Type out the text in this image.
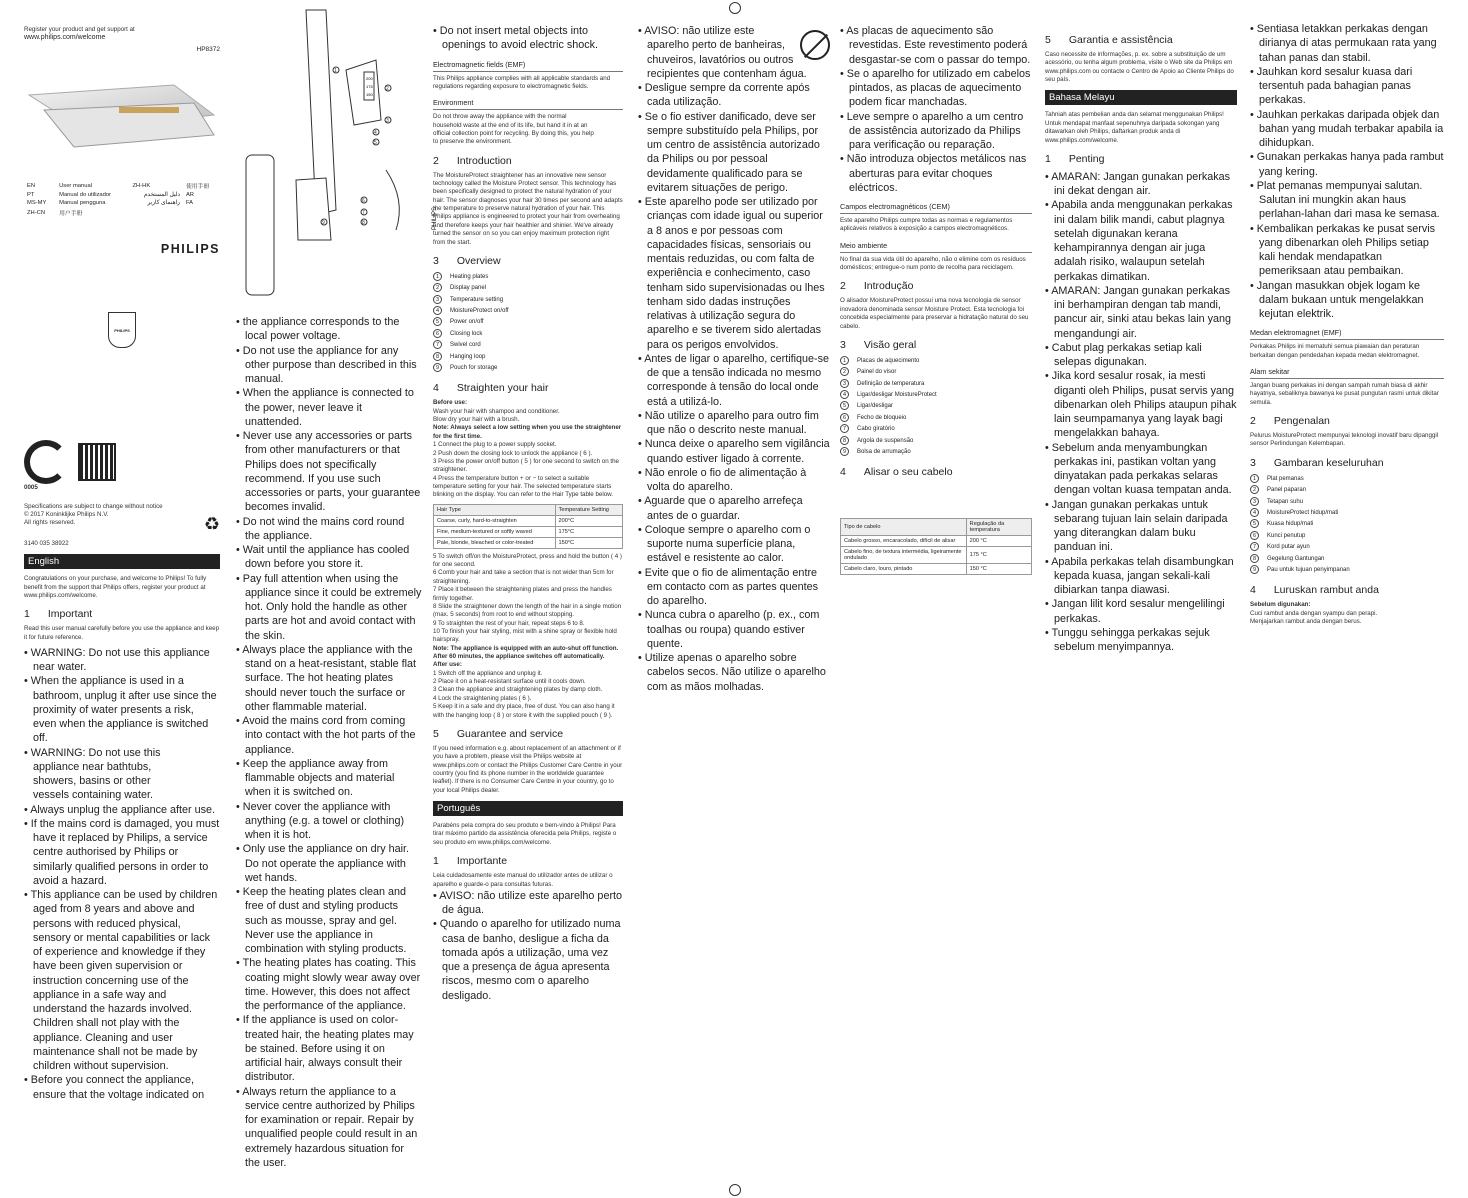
Register your product and get support at
www.philips.com/welcome
HP8372
EN	User manual	ZH-HK	使用手冊
PT	Manual do utilizador	دليل المستخدم	AR
MS-MY	Manual pengguna	راهنمای کاربر	FA
ZH-CN	用户手册		
PHILIPS
PHILIPS
0005
Specifications are subject to change without notice
© 2017 Koninklijke Philips N.V.
All rights reserved.	♻
3140 035 38922
English
Congratulations on your purchase, and welcome to Philips! To fully benefit from the support that Philips offers, register your product at www.philips.com/welcome.
1 Important
Read this user manual carefully before you use the appliance and keep it for future reference.
• WARNING: Do not use this appliance near water.
• When the appliance is used in a bathroom, unplug it after use since the proximity of water presents a risk, even when the appliance is switched off.
• WARNING: Do not use this appliance near bathtubs, showers, basins or other vessels containing water.
• Always unplug the appliance after use.
• If the mains cord is damaged, you must have it replaced by Philips, a service centre authorised by Philips or similarly qualified persons in order to avoid a hazard.
• This appliance can be used by children aged from 8 years and above and persons with reduced physical, sensory or mental capabilities or lack of experience and knowledge if they have been given supervision or instruction concerning use of the appliance in a safe way and understand the hazards involved. Children shall not play with the appliance. Cleaning and user maintenance shall not be made by children without supervision.
• Before you connect the appliance, ensure that the voltage indicated on
200
175
150
PHILIPS
1
2
3
4
5
6
7
8
9
• the appliance corresponds to the local power voltage.
• Do not use the appliance for any other purpose than described in this manual.
• When the appliance is connected to the power, never leave it unattended.
• Never use any accessories or parts from other manufacturers or that Philips does not specifically recommend. If you use such accessories or parts, your guarantee becomes invalid.
• Do not wind the mains cord round the appliance.
• Wait until the appliance has cooled down before you store it.
• Pay full attention when using the appliance since it could be extremely hot. Only hold the handle as other parts are hot and avoid contact with the skin.
• Always place the appliance with the stand on a heat-resistant, stable flat surface. The hot heating plates should never touch the surface or other flammable material.
• Avoid the mains cord from coming into contact with the hot parts of the appliance.
• Keep the appliance away from flammable objects and material when it is switched on.
• Never cover the appliance with anything (e.g. a towel or clothing) when it is hot.
• Only use the appliance on dry hair. Do not operate the appliance with wet hands.
• Keep the heating plates clean and free of dust and styling products such as mousse, spray and gel. Never use the appliance in combination with styling products.
• The heating plates has coating. This coating might slowly wear away over time. However, this does not affect the performance of the appliance.
• If the appliance is used on color-treated hair, the heating plates may be stained. Before using it on artificial hair, always consult their distributor.
• Always return the appliance to a service centre authorized by Philips for examination or repair. Repair by unqualified people could result in an extremely hazardous situation for the user.
• Do not insert metal objects into openings to avoid electric shock.
Electromagnetic fields (EMF)
This Philips appliance complies with all applicable standards and regulations regarding exposure to electromagnetic fields.
Environment
Do not throw away the appliance with the normal household waste at the end of its life, but hand it in at an official collection point for recycling. By doing this, you help to preserve the environment.
2 Introduction
The MoistureProtect straightener has an innovative new sensor technology called the Moisture Protect sensor. This technology has been specifically designed to protect the natural hydration of your hair. The sensor diagnoses your hair 30 times per second and adapts the temperature to preserve natural hydration of your hair. This Philips appliance is engineered to protect your hair from overheating and therefore keeps your hair healthier and shinier. We've already turned the sensor on so you can enjoy maximum protection right from the start.
3 Overview
1 Heating plates
2 Display panel
3 Temperature setting
4 MoistureProtect on/off
5 Power on/off
6 Closing lock
7 Swivel cord
8 Hanging loop
9 Pouch for storage
4 Straighten your hair
Before use:
Wash your hair with shampoo and conditioner.
Blow dry your hair with a brush.
Note: Always select a low setting when you use the straightener for the first time.
1 Connect the plug to a power supply socket.
2 Push down the closing lock to unlock the appliance ( 6 ).
3 Press the power on/off button ( 5 ) for one second to switch on the straightener.
4 Press the temperature button + or − to select a suitable temperature setting for your hair. The selected temperature starts blinking on the display. You can refer to the Hair Type table below.
Hair Type	Temperature Setting
Coarse, curly, hard-to-straighten	200°C
Fine, medium-textured or softly waved	175°C
Pale, blonde, bleached or color-treated	150°C
5 To switch off/on the MoistureProtect, press and hold the button ( 4 ) for one second.
6 Comb your hair and take a section that is not wider than 5cm for straightening.
7 Place it between the straightening plates and press the handles firmly together.
8 Slide the straightener down the length of the hair in a single motion (max. 5 seconds) from root to end without stopping.
9 To straighten the rest of your hair, repeat steps 6 to 8.
10 To finish your hair styling, mist with a shine spray or flexible hold hairspray.
Note: The appliance is equipped with an auto-shut off function. After 60 minutes, the appliance switches off automatically.
After use:
1 Switch off the appliance and unplug it.
2 Place it on a heat-resistant surface until it cools down.
3 Clean the appliance and straightening plates by damp cloth.
4 Lock the straightening plates ( 6 ).
5 Keep it in a safe and dry place, free of dust. You can also hang it with the hanging loop ( 8 ) or store it with the supplied pouch ( 9 ).
5 Guarantee and service
If you need information e.g. about replacement of an attachment or if you have a problem, please visit the Philips website at www.philips.com or contact the Philips Customer Care Centre in your country (you find its phone number in the worldwide guarantee leaflet). If there is no Consumer Care Centre in your country, go to your local Philips dealer.
Português
Parabéns pela compra do seu produto e bem-vindo à Philips! Para tirar máximo partido da assistência oferecida pela Philips, registe o seu produto em www.philips.com/welcome.
1 Importante
Leia cuidadosamente este manual do utilizador antes de utilizar o aparelho e guarde-o para consultas futuras.
• AVISO: não utilize este aparelho perto de água.
• Quando o aparelho for utilizado numa casa de banho, desligue a ficha da tomada após a utilização, uma vez que a presença de água apresenta riscos, mesmo com o aparelho desligado.
• AVISO: não utilize este aparelho perto de banheiras, chuveiros, lavatórios ou outros recipientes que contenham água.
• Desligue sempre da corrente após cada utilização.
• Se o fio estiver danificado, deve ser sempre substituído pela Philips, por um centro de assistência autorizado da Philips ou por pessoal devidamente qualificado para se evitarem situações de perigo.
• Este aparelho pode ser utilizado por crianças com idade igual ou superior a 8 anos e por pessoas com capacidades físicas, sensoriais ou mentais reduzidas, ou com falta de experiência e conhecimento, caso tenham sido supervisionadas ou lhes tenham sido dadas instruções relativas à utilização segura do aparelho e se tiverem sido alertadas para os perigos envolvidos.
• Antes de ligar o aparelho, certifique-se de que a tensão indicada no mesmo corresponde à tensão do local onde está a utilizá-lo.
• Não utilize o aparelho para outro fim que não o descrito neste manual.
• Nunca deixe o aparelho sem vigilância quando estiver ligado à corrente.
• Não enrole o fio de alimentação à volta do aparelho.
• Aguarde que o aparelho arrefeça antes de o guardar.
• Coloque sempre o aparelho com o suporte numa superfície plana, estável e resistente ao calor.
• Evite que o fio de alimentação entre em contacto com as partes quentes do aparelho.
• Nunca cubra o aparelho (p. ex., com toalhas ou roupa) quando estiver quente.
• Utilize apenas o aparelho sobre cabelos secos. Não utilize o aparelho com as mãos molhadas.
• As placas de aquecimento são revestidas. Este revestimento poderá desgastar-se com o passar do tempo.
• Se o aparelho for utilizado em cabelos pintados, as placas de aquecimento podem ficar manchadas.
• Leve sempre o aparelho a um centro de assistência autorizado da Philips para verificação ou reparação.
• Não introduza objectos metálicos nas aberturas para evitar choques eléctricos.
Campos electromagnéticos (CEM)
Este aparelho Philips cumpre todas as normas e regulamentos aplicáveis relativos à exposição a campos electromagnéticos.
Meio ambiente
No final da sua vida útil do aparelho, não o elimine com os resíduos domésticos; entregue-o num ponto de recolha para reciclagem.
2 Introdução
O alisador MoistureProtect possui uma nova tecnologia de sensor inovadora denominada sensor Moisture Protect. Esta tecnologia foi concebida especialmente para preservar a hidratação natural do seu cabelo.
3 Visão geral
1 Placas de aquecimento
2 Painel do visor
3 Definição de temperatura
4 Ligar/desligar MoistureProtect
5 Ligar/desligar
6 Fecho de bloqueio
7 Cabo giratório
8 Argola de suspensão
9 Bolsa de arrumação
4 Alisar o seu cabelo
Tipo de cabelo	Regulação da temperatura
Cabelo grosso, encaracolado, difícil de alisar	200 °C
Cabelo fino, de textura intermédia, ligeiramente ondulado	175 °C
Cabelo claro, louro, pintado	150 °C
5 Garantia e assistência
Caso necessite de informações, p. ex. sobre a substituição de um acessório, ou tenha algum problema, visite o Web site da Philips em www.philips.com ou contacte o Centro de Apoio ao Cliente Philips do seu país.
Bahasa Melayu
Tahniah atas pembelian anda dan selamat menggunakan Philips! Untuk mendapat manfaat sepenuhnya daripada sokongan yang ditawarkan oleh Philips, daftarkan produk anda di www.philips.com/welcome.
1 Penting
• AMARAN: Jangan gunakan perkakas ini dekat dengan air.
• Apabila anda menggunakan perkakas ini dalam bilik mandi, cabut plagnya setelah digunakan kerana kehampirannya dengan air juga adalah risiko, walaupun setelah perkakas dimatikan.
• AMARAN: Jangan gunakan perkakas ini berhampiran dengan tab mandi, pancur air, sinki atau bekas lain yang mengandungi air.
• Cabut plag perkakas setiap kali selepas digunakan.
• Jika kord sesalur rosak, ia mesti diganti oleh Philips, pusat servis yang dibenarkan oleh Philips ataupun pihak lain seumpamanya yang layak bagi mengelakkan bahaya.
• Sebelum anda menyambungkan perkakas ini, pastikan voltan yang dinyatakan pada perkakas selaras dengan voltan kuasa tempatan anda.
• Jangan gunakan perkakas untuk sebarang tujuan lain selain daripada yang diterangkan dalam buku panduan ini.
• Apabila perkakas telah disambungkan kepada kuasa, jangan sekali-kali dibiarkan tanpa diawasi.
• Jangan lilit kord sesalur mengelilingi perkakas.
• Tunggu sehingga perkakas sejuk sebelum menyimpannya.
• Sentiasa letakkan perkakas dengan dirianya di atas permukaan rata yang tahan panas dan stabil.
• Jauhkan kord sesalur kuasa dari tersentuh pada bahagian panas perkakas.
• Jauhkan perkakas daripada objek dan bahan yang mudah terbakar apabila ia dihidupkan.
• Gunakan perkakas hanya pada rambut yang kering.
• Plat pemanas mempunyai salutan. Salutan ini mungkin akan haus perlahan-lahan dari masa ke semasa.
• Kembalikan perkakas ke pusat servis yang dibenarkan oleh Philips setiap kali hendak mendapatkan pemeriksaan atau pembaikan.
• Jangan masukkan objek logam ke dalam bukaan untuk mengelakkan kejutan elektrik.
Medan elektromagnet (EMF)
Perkakas Philips ini mematuhi semua piawaian dan peraturan berkaitan dengan pendedahan kepada medan elektromagnet.
Alam sekitar
Jangan buang perkakas ini dengan sampah rumah biasa di akhir hayatnya, sebaliknya bawanya ke pusat pungutan rasmi untuk dikitar semula.
2 Pengenalan
Pelurus MoistureProtect mempunyai teknologi inovatif baru dipanggil sensor Perlindungan Kelembapan.
3 Gambaran keseluruhan
1 Plat pemanas
2 Panel paparan
3 Tetapan suhu
4 MoistureProtect hidup/mati
5 Kuasa hidup/mati
6 Kunci penutup
7 Kord putar ayun
8 Gegelung Gantungan
9 Pau untuk tujuan penyimpanan
4 Luruskan rambut anda
Sebelum digunakan:
Cuci rambut anda dengan syampu dan perapi.
Menjajarkan rambut anda dengan berus.
